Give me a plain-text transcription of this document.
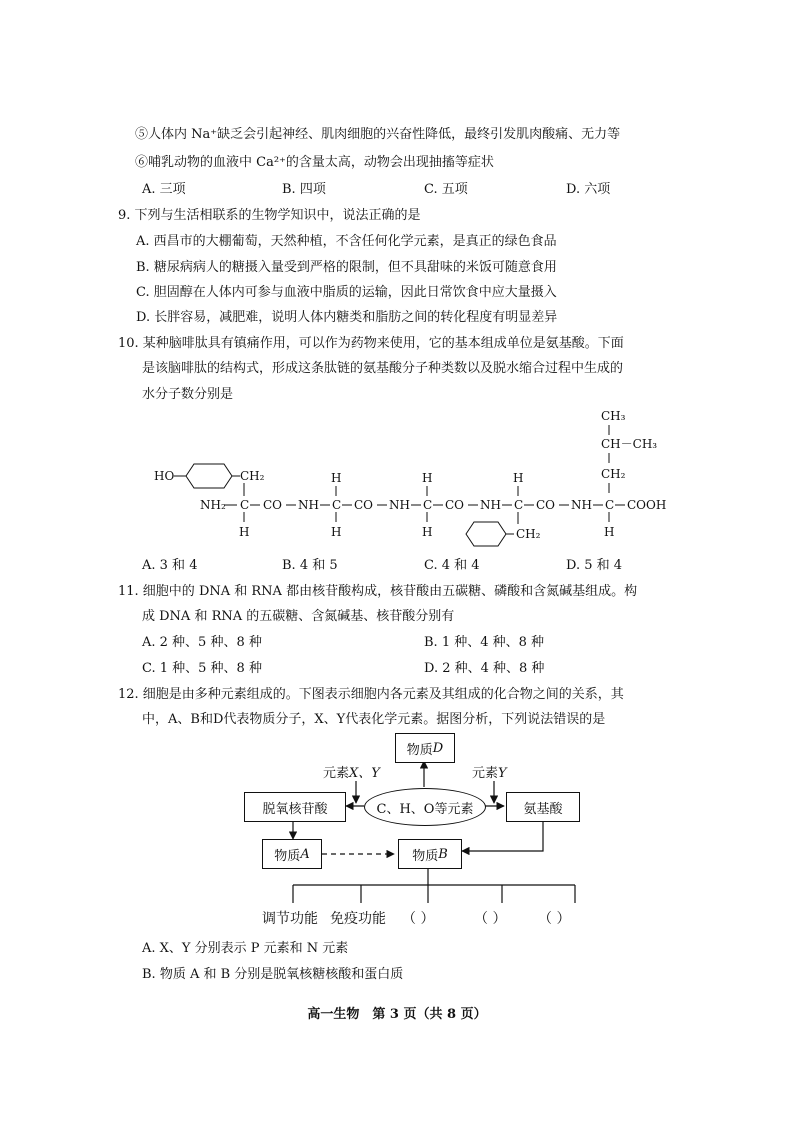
⑤人体内 Na⁺缺乏会引起神经、肌肉细胞的兴奋性降低，最终引发肌肉酸痛、无力等
⑥哺乳动物的血液中 Ca²⁺的含量太高，动物会出现抽搐等症状
A. 三项	B. 四项	C. 五项	D. 六项
9. 下列与生活相联系的生物学知识中，说法正确的是
A. 西昌市的大棚葡萄，天然种植，不含任何化学元素，是真正的绿色食品
B. 糖尿病病人的糖摄入量受到严格的限制，但不具甜味的米饭可随意食用
C. 胆固醇在人体内可参与血液中脂质的运输，因此日常饮食中应大量摄入
D. 长胖容易，减肥难，说明人体内糖类和脂肪之间的转化程度有明显差异
10. 某种脑啡肽具有镇痛作用，可以作为药物来使用，它的基本组成单位是氨基酸。下面
是该脑啡肽的结构式，形成这条肽链的氨基酸分子种类数以及脱水缩合过程中生成的
水分子数分别是
CH₃
CH－CH₃
CH₂
HO	CH₂	H	H	H
NH₂ C CO NH C CO NH C CO NH C CO NH C COOH
H	H	H	H
CH₂
A. 3 和 4	B. 4 和 5	C. 4 和 4	D. 5 和 4
11. 细胞中的 DNA 和 RNA 都由核苷酸构成，核苷酸由五碳糖、磷酸和含氮碱基组成。构
成 DNA 和 RNA 的五碳糖、含氮碱基、核苷酸分别有
A. 2 种、5 种、8 种	B. 1 种、4 种、8 种
C. 1 种、5 种、8 种	D. 2 种、4 种、8 种
12. 细胞是由多种元素组成的。下图表示细胞内各元素及其组成的化合物之间的关系，其
中，A、B和D代表物质分子，X、Y代表化学元素。据图分析，下列说法错误的是
物质 D
元素X、Y	元素Y
C、H、O等元素
脱氧核苷酸	氨基酸
物质 A	物质 B
调节功能 免疫功能 （ ）	（ ） （ ）
A. X、Y 分别表示 P 元素和 N 元素
B. 物质 A 和 B 分别是脱氧核糖核酸和蛋白质
高一生物　第 3 页（共 8 页）
